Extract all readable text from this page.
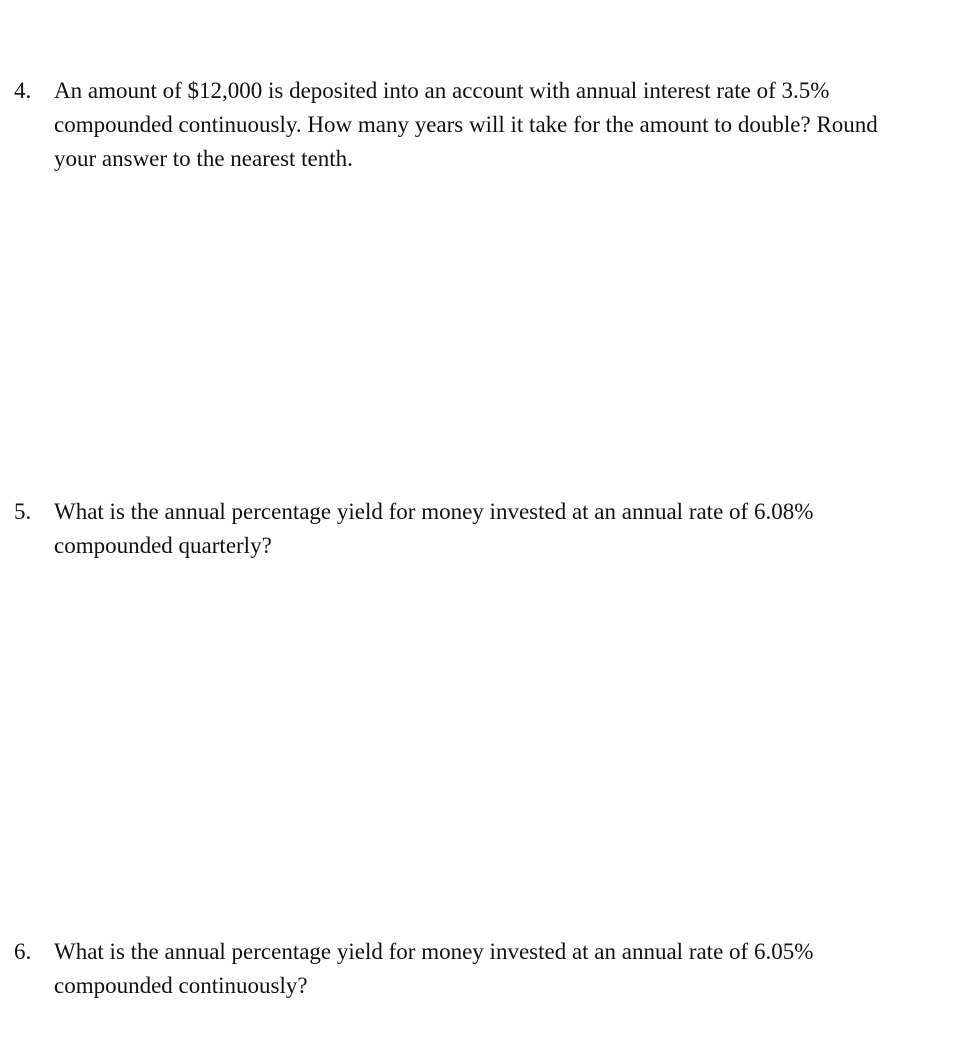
4. An amount of $12,000 is deposited into an account with annual interest rate of 3.5%
compounded continuously. How many years will it take for the amount to double? Round
your answer to the nearest tenth.
5. What is the annual percentage yield for money invested at an annual rate of 6.08%
compounded quarterly?
6. What is the annual percentage yield for money invested at an annual rate of 6.05%
compounded continuously?
